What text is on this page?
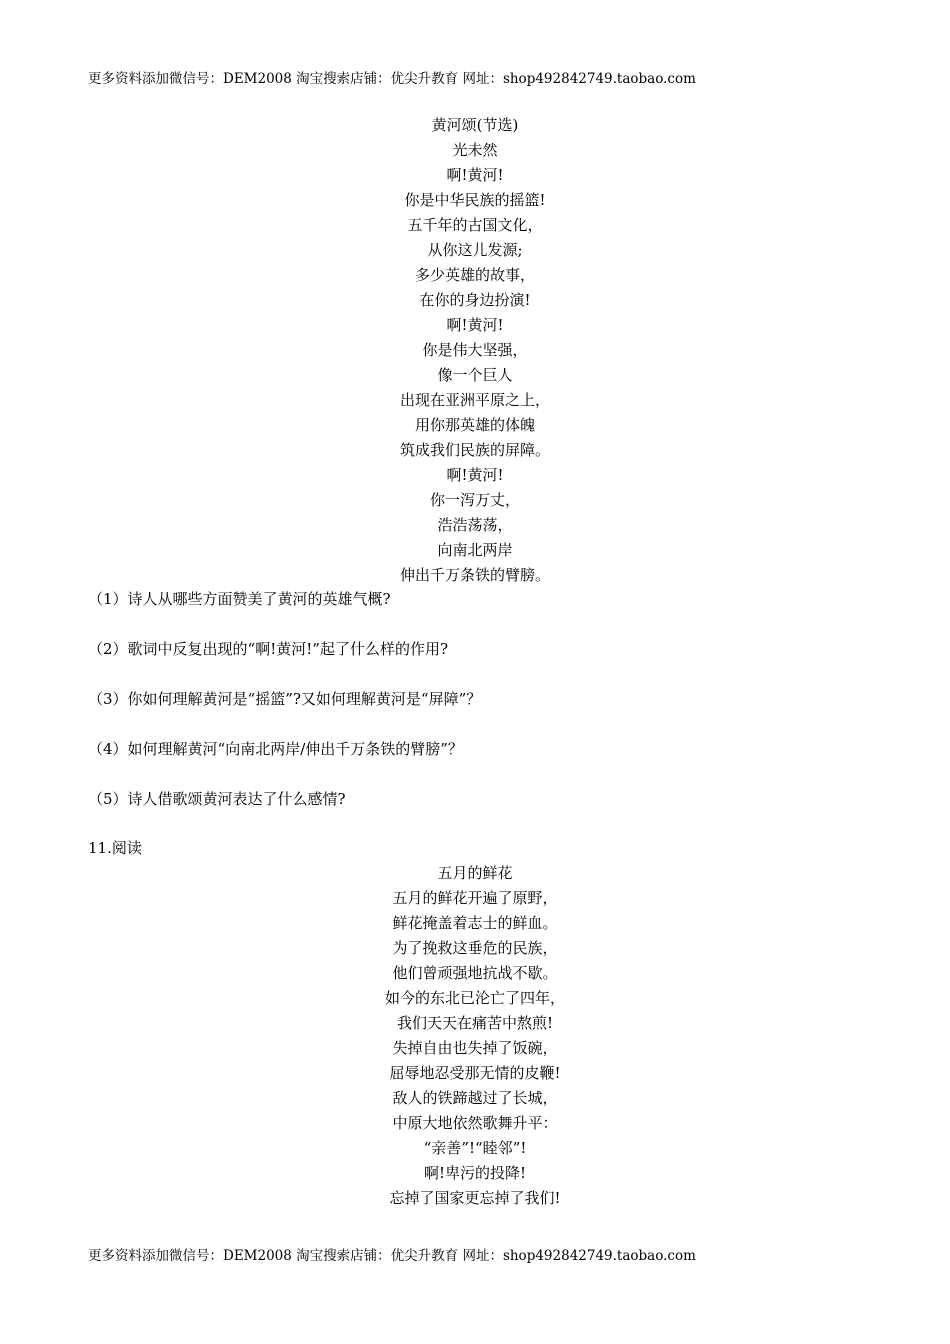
更多资料添加微信号：DEM2008 淘宝搜索店铺：优尖升教育 网址：shop492842749.taobao.com
黄河颂(节选)
光未然
啊!黄河!
你是中华民族的摇篮!
五千年的古国文化，
从你这儿发源;
多少英雄的故事，
在你的身边扮演!
啊!黄河!
你是伟大坚强，
像一个巨人
出现在亚洲平原之上，
用你那英雄的体魄
筑成我们民族的屏障。
啊!黄河!
你一泻万丈，
浩浩荡荡，
向南北两岸
伸出千万条铁的臂膀。
（1）诗人从哪些方面赞美了黄河的英雄气概?
（2）歌词中反复出现的“啊!黄河!”起了什么样的作用?
（3）你如何理解黄河是“摇篮”?又如何理解黄河是“屏障”？
（4）如何理解黄河“向南北两岸/伸出千万条铁的臂膀”？
（5）诗人借歌颂黄河表达了什么感情?
11.阅读
五月的鲜花
五月的鲜花开遍了原野，
鲜花掩盖着志士的鲜血。
为了挽救这垂危的民族，
他们曾顽强地抗战不歇。
如今的东北已沦亡了四年，
我们天天在痛苦中熬煎!
失掉自由也失掉了饭碗，
屈辱地忍受那无情的皮鞭!
敌人的铁蹄越过了长城，
中原大地依然歌舞升平：
“亲善”!“睦邻”!
啊!卑污的投降!
忘掉了国家更忘掉了我们!
更多资料添加微信号：DEM2008 淘宝搜索店铺：优尖升教育 网址：shop492842749.taobao.com
